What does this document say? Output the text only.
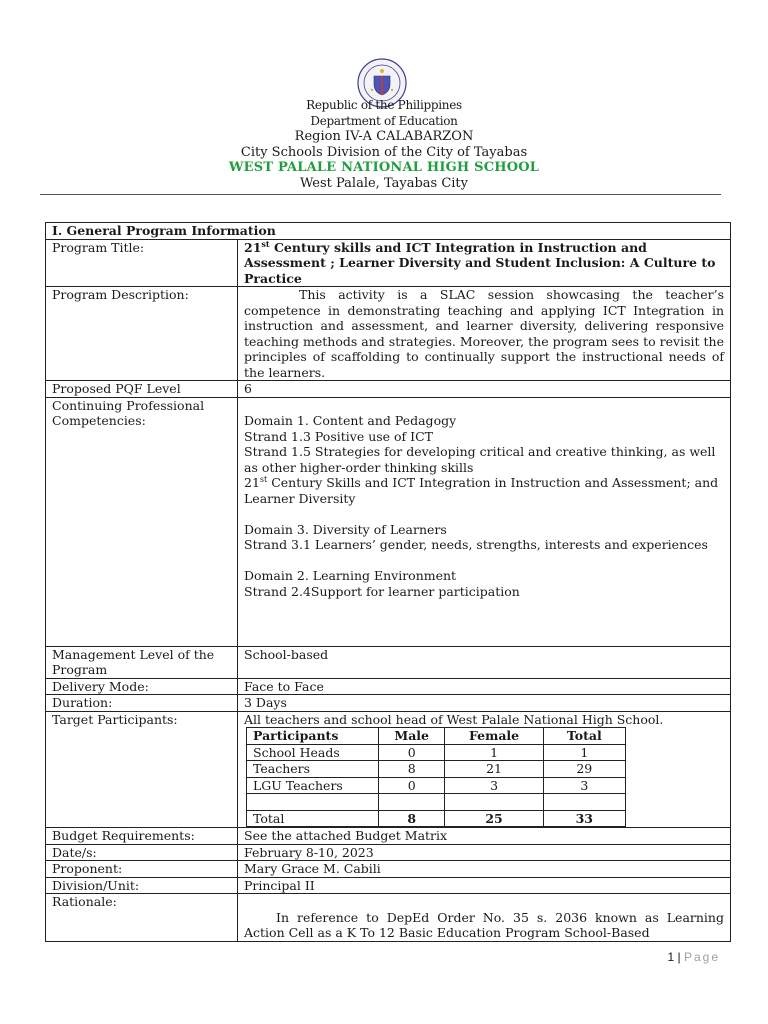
Republic of the Philippines
Department of Education
Region IV-A CALABARZON
City Schools Division of the City of Tayabas
WEST PALALE NATIONAL HIGH SCHOOL
West Palale, Tayabas City
I. General Program Information
Program Title:	21st Century skills and ICT Integration in Instruction and Assessment ; Learner Diversity and Student Inclusion: A Culture to Practice
Program Description:	This activity is a SLAC session showcasing the teacher’s competence in demonstrating teaching and applying ICT Integration in instruction and assessment, and learner diversity, delivering responsive teaching methods and strategies. Moreover, the program sees to revisit the principles of scaffolding to continually support the instructional needs of the learners.
Proposed PQF Level	6
Continuing Professional Competencies:	Domain 1. Content and Pedagogy
Strand 1.3 Positive use of ICT
Strand 1.5 Strategies for developing critical and creative thinking, as well as other higher-order thinking skills
21st Century Skills and ICT Integration in Instruction and Assessment; and Learner Diversity
Domain 3. Diversity of Learners
Strand 3.1 Learners’ gender, needs, strengths, interests and experiences
Domain 2. Learning Environment
Strand 2.4Support for learner participation

Management Level of the Program	School-based
Delivery Mode:	Face to Face
Duration:	3 Days
Target Participants:	All teachers and school head of West Palale National High School.
Participants	Male	Female	Total
School Heads	0	1	1
Teachers	8	21	29
LGU Teachers	0	3	3

Total	8	25	33

Budget Requirements:	See the attached Budget Matrix
Date/s:	February 8-10, 2023
Proponent:	Mary Grace M. Cabili
Division/Unit:	Principal II
Rationale:	
In reference to DepEd Order No. 35 s. 2036 known as Learning Action Cell as a K To 12 Basic Education Program School-Based
1 | Page
